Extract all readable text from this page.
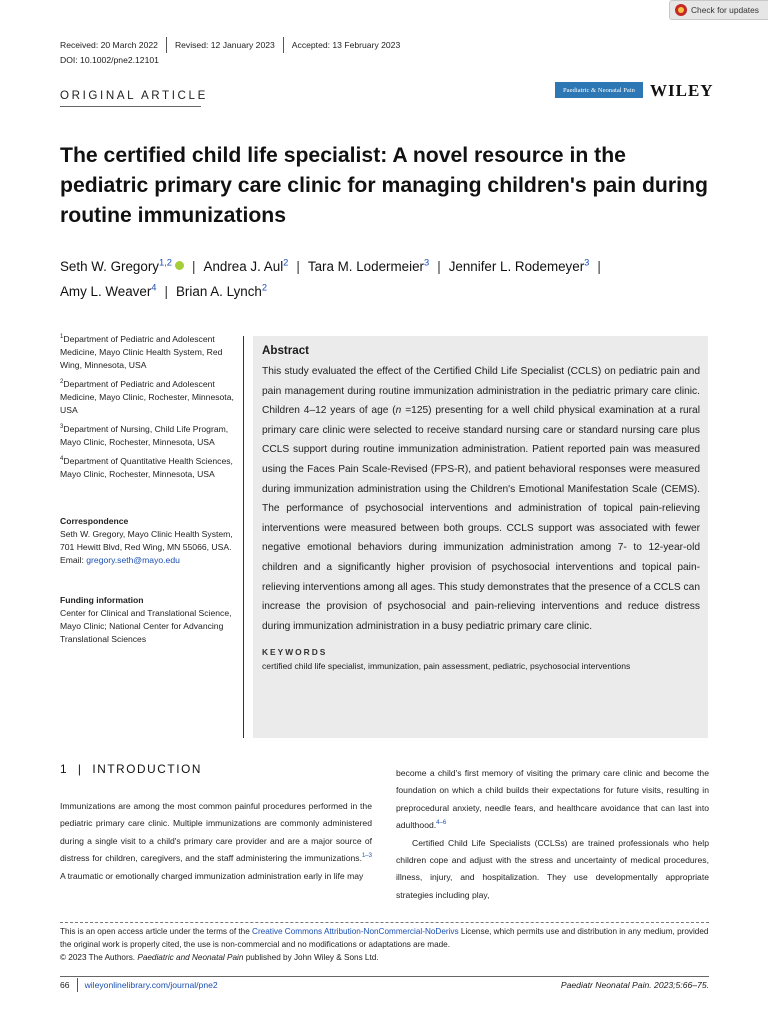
Check for updates
Received: 20 March 2022 Revised: 12 January 2023 Accepted: 13 February 2023
DOI: 10.1002/pne2.12101
ORIGINAL ARTICLE	Paediatric & Neonatal Pain WILEY
The certified child life specialist: A novel resource in the pediatric primary care clinic for managing children's pain during routine immunizations
Seth W. Gregory$^{1,2}$ | Andrea J. Aul$^2$ | Tara M. Lodermeier$^3$ | Jennifer L. Rodemeyer$^3$ |
Amy L. Weaver$^4$ | Brian A. Lynch$^2$

$^1$Department of Pediatric and Adolescent Medicine, Mayo Clinic Health System, Red Wing, Minnesota, USA

$^2$Department of Pediatric and Adolescent Medicine, Mayo Clinic, Rochester, Minnesota, USA

$^3$Department of Nursing, Child Life Program, Mayo Clinic, Rochester, Minnesota, USA

$^4$Department of Quantitative Health Sciences, Mayo Clinic, Rochester, Minnesota, USA

Correspondence
Seth W. Gregory, Mayo Clinic Health System, 701 Hewitt Blvd, Red Wing, MN 55066, USA.
Email: gregory.seth@mayo.edu
Funding information
Center for Clinical and Translational Science, Mayo Clinic; National Center for Advancing Translational Sciences
Abstract
This study evaluated the effect of the Certified Child Life Specialist (CCLS) on pediatric pain and pain management during routine immunization administration in the pediatric primary care clinic. Children 4–12 years of age (n =125) presenting for a well child physical examination at a rural primary care clinic were selected to receive standard nursing care or standard nursing care plus CCLS support during routine immunization administration. Patient reported pain was measured using the Faces Pain Scale-Revised (FPS-R), and patient behavioral responses were measured during immunization administration using the Children's Emotional Manifestation Scale (CEMS). The performance of psychosocial interventions and administration of topical pain-relieving interventions were measured between both groups. CCLS support was associated with fewer negative emotional behaviors during immunization administration among 7- to 12-year-old children and a significantly higher provision of psychosocial interventions and topical pain-relieving interventions among all ages. This study demonstrates that the presence of a CCLS can increase the provision of psychosocial and pain-relieving interventions and reduce distress during immunization administration in a busy pediatric primary care clinic.
KEYWORDS
certified child life specialist, immunization, pain assessment, pediatric, psychosocial interventions
1  |  INTRODUCTION
Immunizations are among the most common painful procedures performed in the pediatric primary care clinic. Multiple immunizations are commonly administered during a single visit to a child's primary care provider and are a major source of distress for children, caregivers, and the staff administering the immunizations.$^{1-3}$ A traumatic or emotionally charged immunization administration early in life may

become a child's first memory of visiting the primary care clinic and become the foundation on which a child builds their expectations for future visits, resulting in preprocedural anxiety, needle fears, and healthcare avoidance that can last into adulthood.$^{4-6}$

Certified Child Life Specialists (CCLSs) are trained professionals who help children cope and adjust with the stress and uncertainty of medical procedures, illness, injury, and hospitalization. They use developmentally appropriate strategies including play,

This is an open access article under the terms of the Creative Commons Attribution-NonCommercial-NoDerivs License, which permits use and distribution in any medium, provided the original work is properly cited, the use is non-commercial and no modifications or adaptations are made.
© 2023 The Authors. Paediatric and Neonatal Pain published by John Wiley & Sons Ltd.
66 wileyonlinelibrary.com/journal/pne2	Paediatr Neonatal Pain. 2023;5:66–75.
